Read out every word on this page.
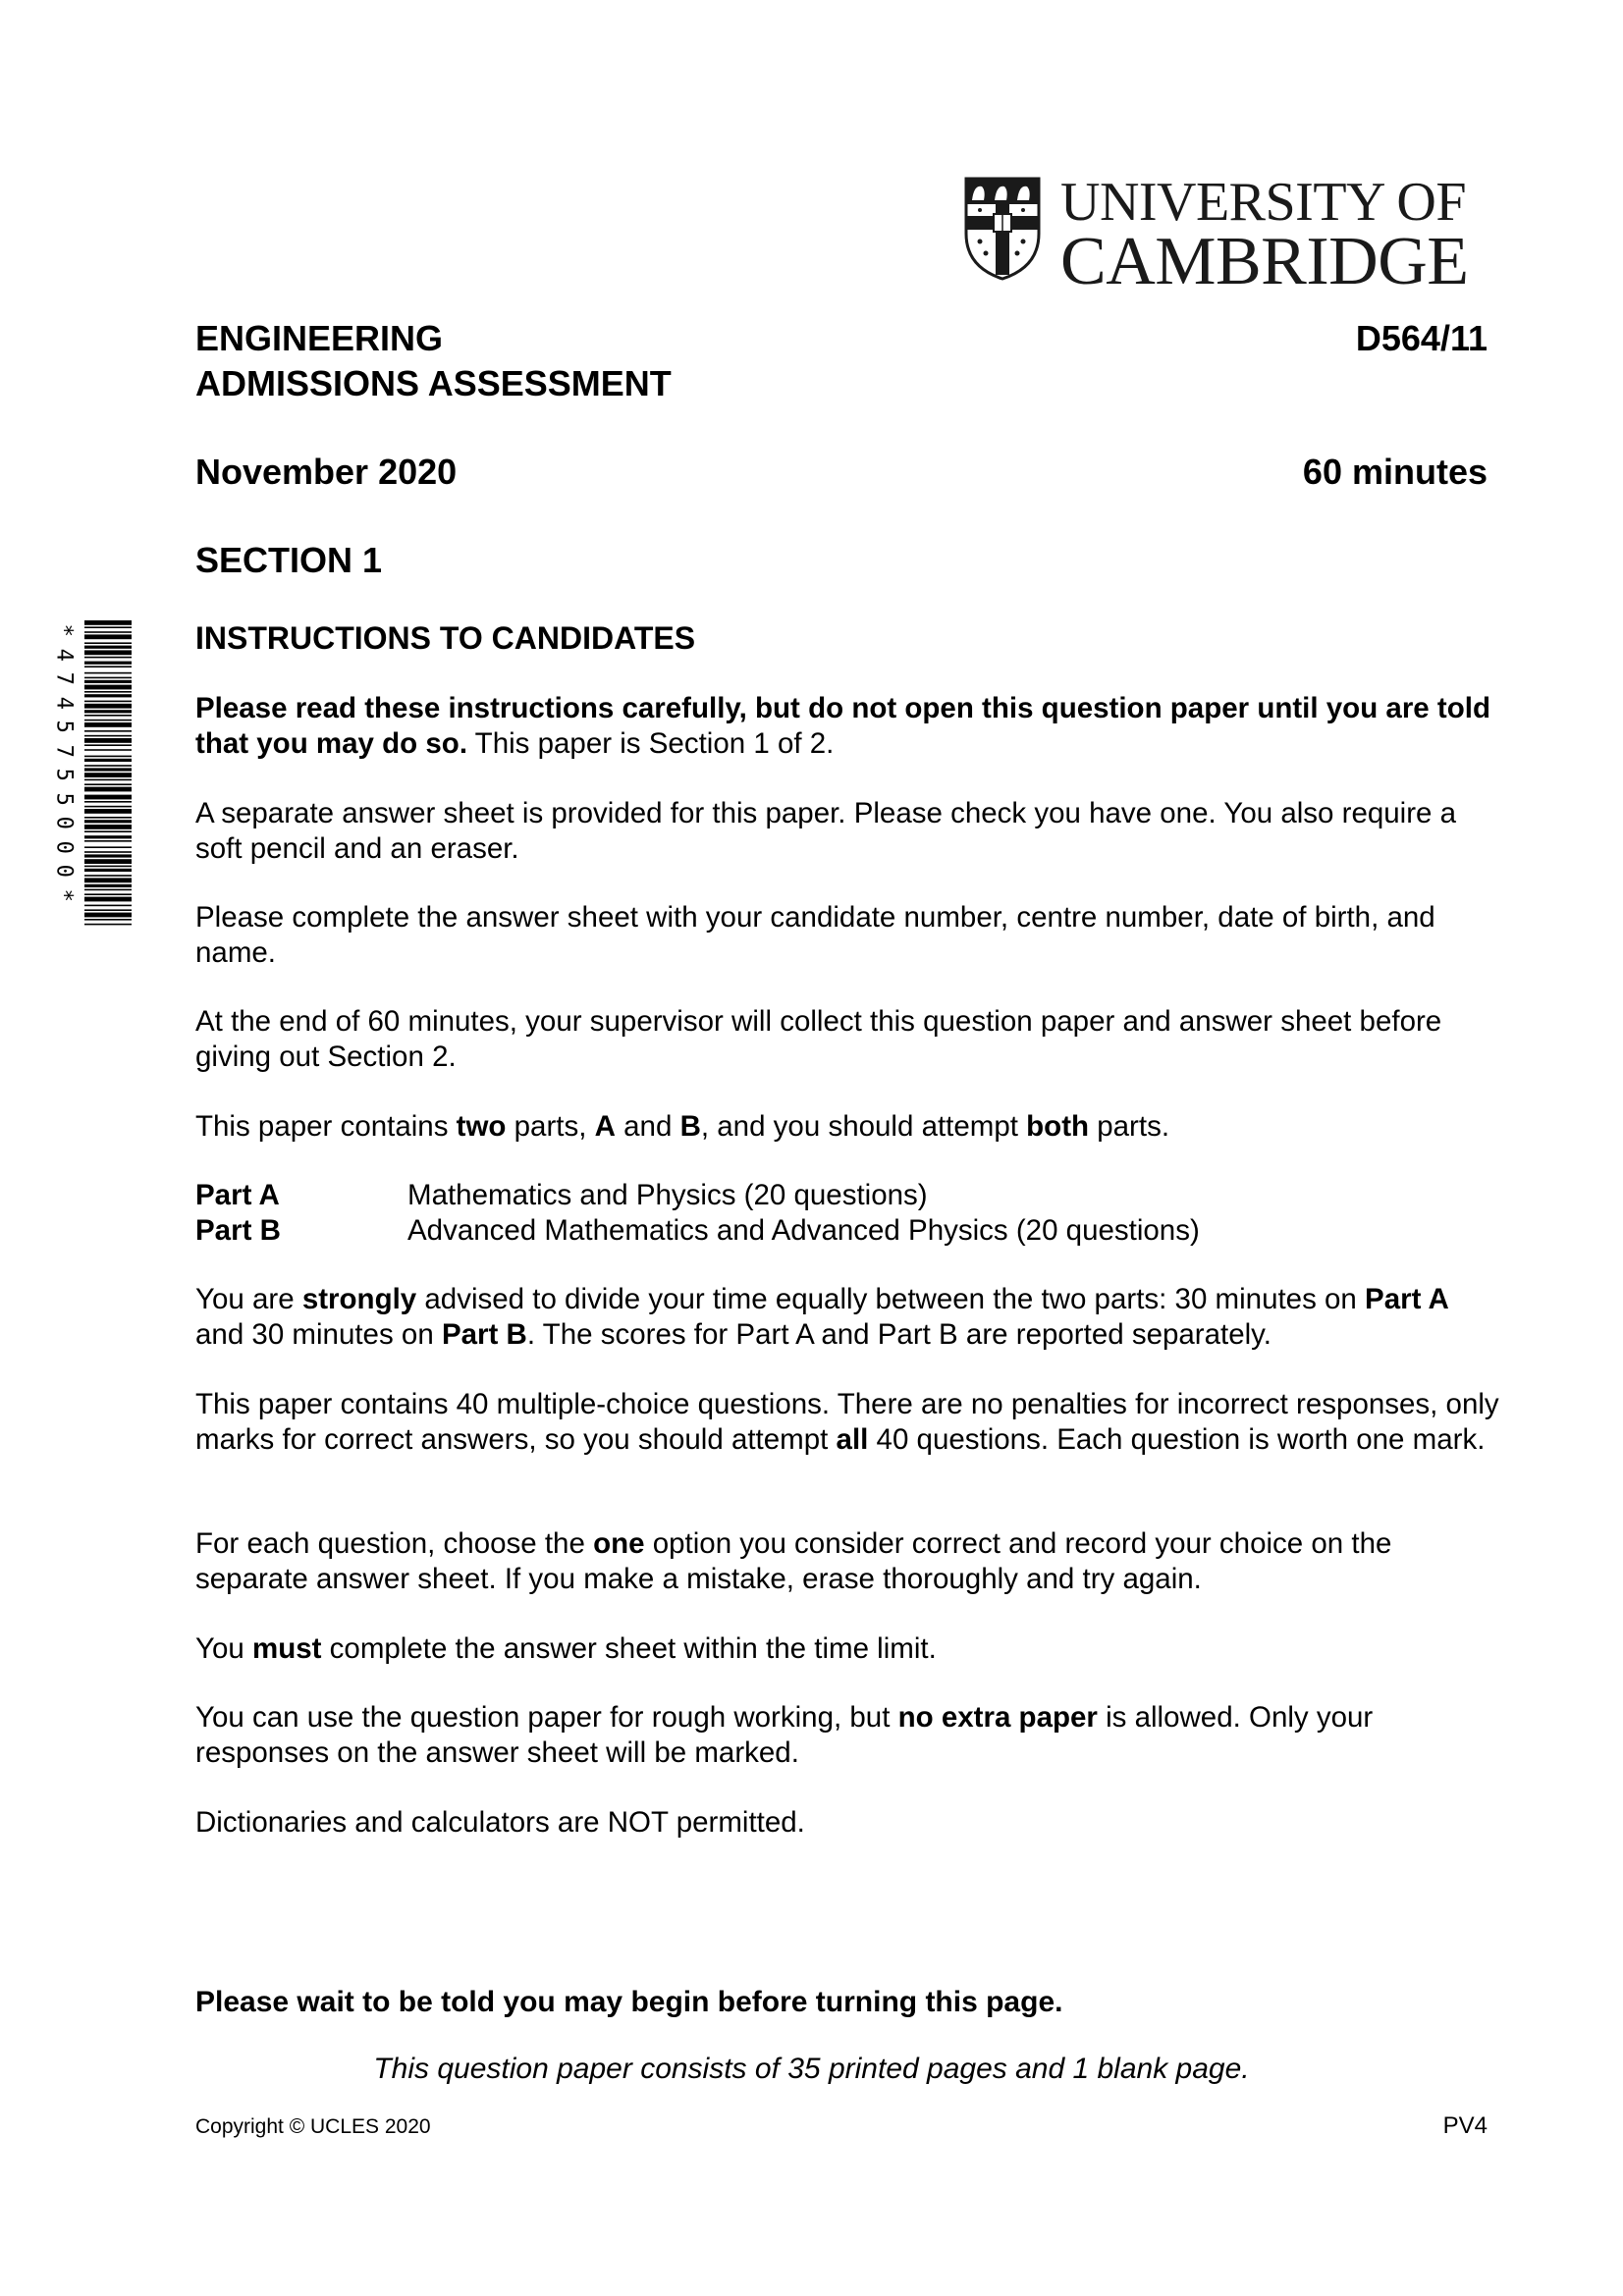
UNIVERSITY OF
CAMBRIDGE
*
4
7
4
5
7
5
5
0
0
0
*
ENGINEERING
ADMISSIONS ASSESSMENT
D564/11
November 2020	60 minutes
SECTION 1
INSTRUCTIONS TO CANDIDATES
Please read these instructions carefully, but do not open this question paper until you are told that you may do so. This paper is Section 1 of 2.
A separate answer sheet is provided for this paper. Please check you have one. You also require a soft pencil and an eraser.
Please complete the answer sheet with your candidate number, centre number, date of birth, and name.
At the end of 60 minutes, your supervisor will collect this question paper and answer sheet before giving out Section 2.
This paper contains two parts, A and B, and you should attempt both parts.
Part A	Mathematics and Physics (20 questions)
Part B	Advanced Mathematics and Advanced Physics (20 questions)
You are strongly advised to divide your time equally between the two parts: 30 minutes on Part A and 30 minutes on Part B. The scores for Part A and Part B are reported separately.
This paper contains 40 multiple-choice questions. There are no penalties for incorrect responses, only marks for correct answers, so you should attempt all 40 questions. Each question is worth one mark.
For each question, choose the one option you consider correct and record your choice on the separate answer sheet. If you make a mistake, erase thoroughly and try again.
You must complete the answer sheet within the time limit.
You can use the question paper for rough working, but no extra paper is allowed. Only your responses on the answer sheet will be marked.
Dictionaries and calculators are NOT permitted.
Please wait to be told you may begin before turning this page.
This question paper consists of 35 printed pages and 1 blank page.
Copyright © UCLES 2020	PV4
